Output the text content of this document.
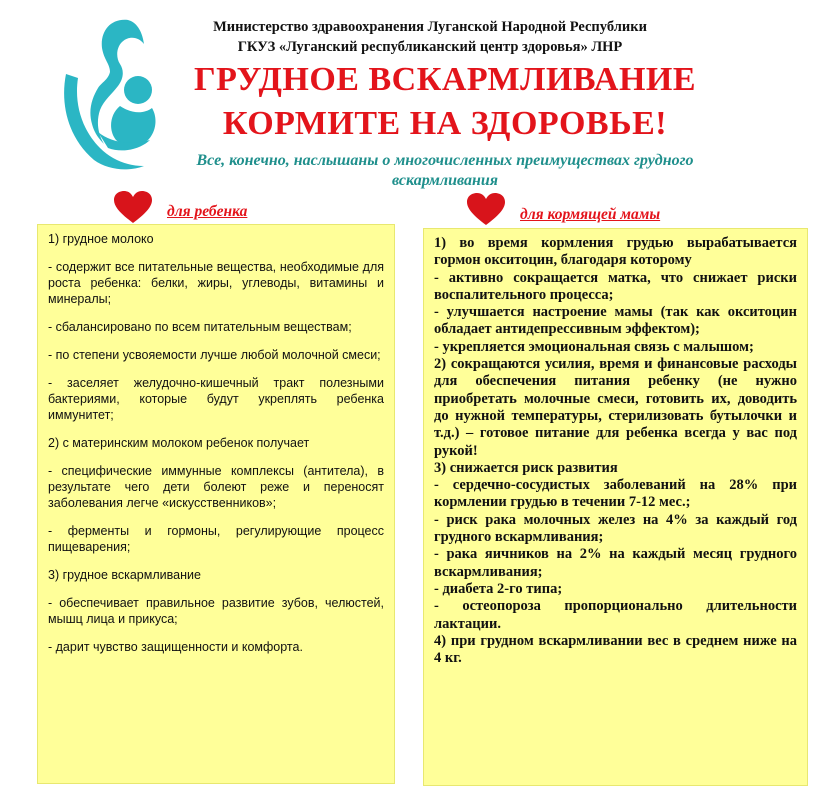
Министерство здравоохранения Луганской Народной Республики
ГКУЗ «Луганский республиканский центр здоровья» ЛНР
ГРУДНОЕ ВСКАРМЛИВАНИЕ
КОРМИТЕ НА ЗДОРОВЬЕ!
Все, конечно, наслышаны о многочисленных преимуществах грудного вскармливания
для ребенка	для кормящей мамы

1) грудное молоко

- содержит все питательные вещества, необходимые для роста ребенка: белки, жиры, углеводы, витамины и минералы;

- сбалансировано по всем питательным веществам;

- по степени усвояемости лучше любой молочной смеси;

- заселяет желудочно-кишечный тракт полезными бактериями, которые будут укреплять ребенка иммунитет;

2) с материнским молоком ребенок получает

- специфические иммунные комплексы (антитела), в результате чего дети болеют реже и переносят заболевания легче «искусственников»;

- ферменты и гормоны, регулирующие процесс пищеварения;

3) грудное вскармливание

- обеспечивает правильное развитие зубов, челюстей, мышц лица и прикуса;

- дарит чувство защищенности и комфорта.

1) во время кормления грудью вырабатывается гормон окситоцин, благодаря которому

- активно сокращается матка, что снижает риски воспалительного процесса;

- улучшается настроение мамы (так как окситоцин обладает антидепрессивным эффектом);

- укрепляется эмоциональная связь с малышом;

2) сокращаются усилия, время и финансовые расходы для обеспечения питания ребенку (не нужно приобретать молочные смеси, готовить их, доводить до нужной температуры, стерилизовать бутылочки и т.д.) – готовое питание для ребенка всегда у вас под рукой!

3) снижается риск развития

- сердечно-сосудистых заболеваний на 28% при кормлении грудью в течении 7-12 мес.;

- риск рака молочных желез на 4% за каждый год грудного вскармливания;

- рака яичников на 2% на каждый месяц грудного вскармливания;

- диабета 2-го типа;

- остеопороза пропорционально длительности лактации.

4) при грудном вскармливании вес в среднем ниже на 4 кг.
